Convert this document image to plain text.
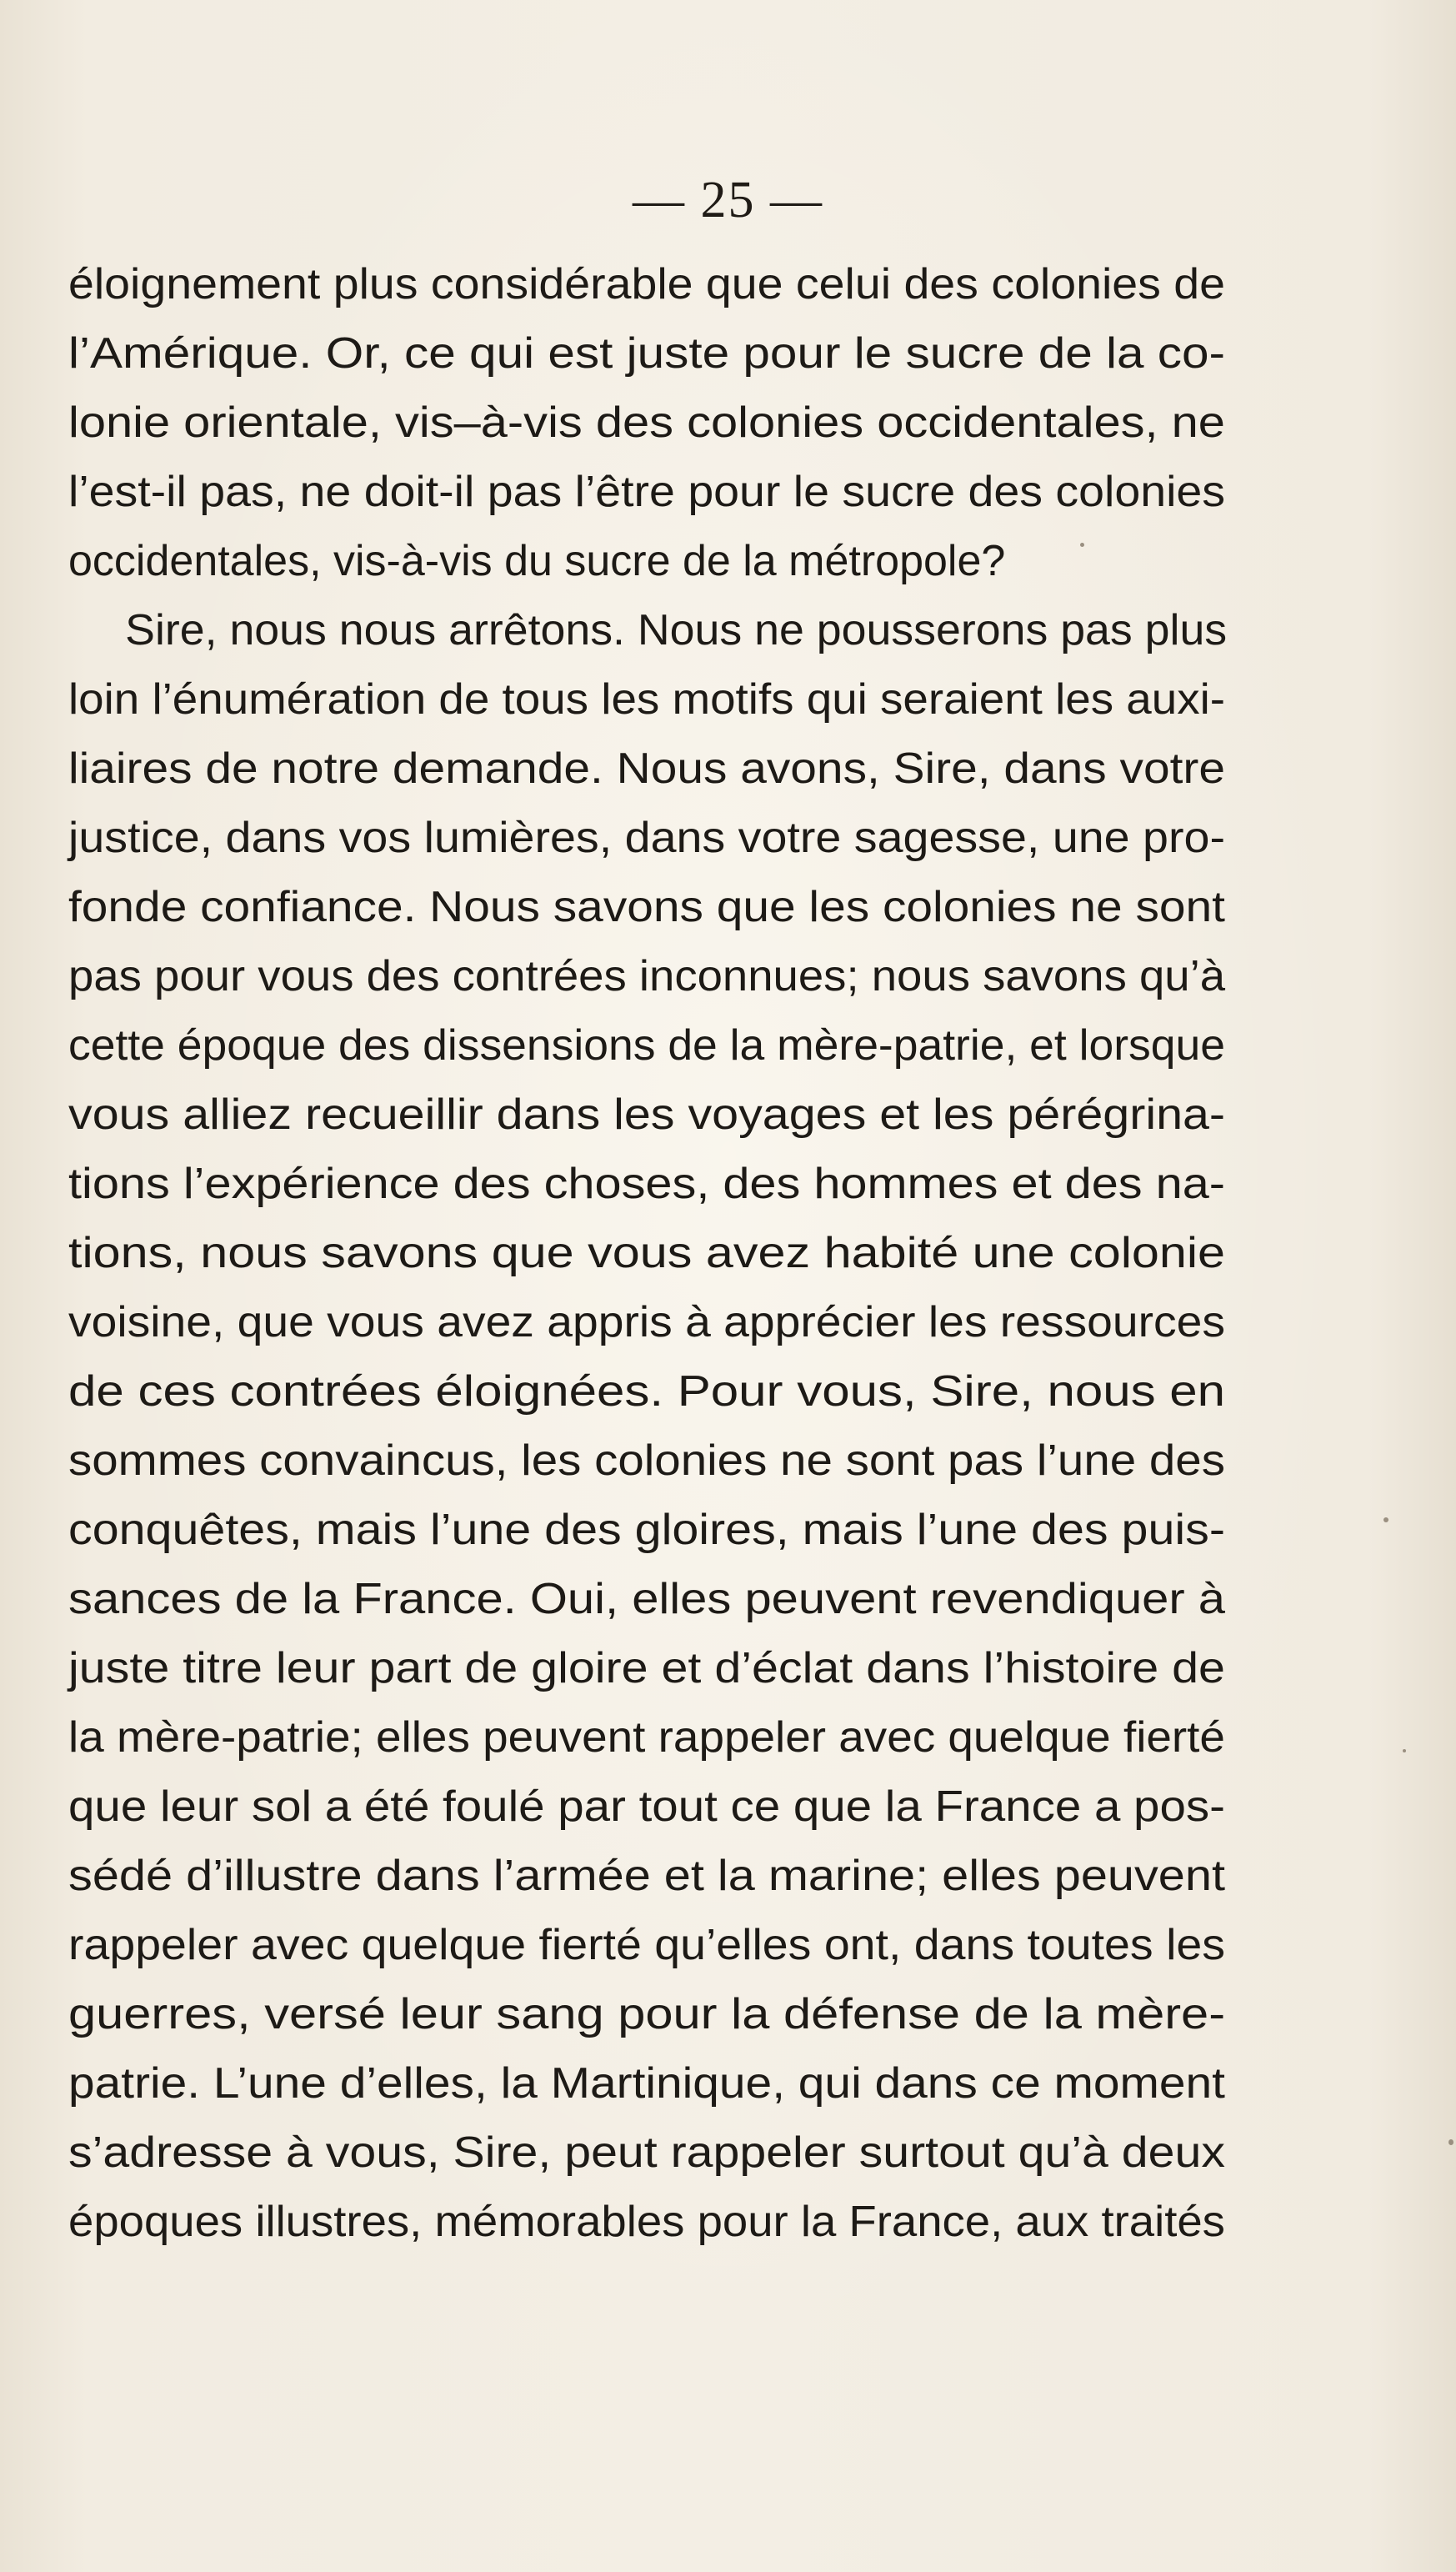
— 25 —
éloignement plus considérable que celui des colonies de
l’Amérique. Or, ce qui est juste pour le sucre de la co-
lonie orientale, vis–à-vis des colonies occidentales, ne
l’est-il pas, ne doit-il pas l’être pour le sucre des colonies
occidentales, vis-à-vis du sucre de la métropole?
Sire, nous nous arrêtons. Nous ne pousserons pas plus
loin l’énumération de tous les motifs qui seraient les auxi-
liaires de notre demande. Nous avons, Sire, dans votre
justice, dans vos lumières, dans votre sagesse, une pro-
fonde confiance. Nous savons que les colonies ne sont
pas pour vous des contrées inconnues; nous savons qu’à
cette époque des dissensions de la mère-patrie, et lorsque
vous alliez recueillir dans les voyages et les pérégrina-
tions l’expérience des choses, des hommes et des na-
tions, nous savons que vous avez habité une colonie
voisine, que vous avez appris à apprécier les ressources
de ces contrées éloignées. Pour vous, Sire, nous en
sommes convaincus, les colonies ne sont pas l’une des
conquêtes, mais l’une des gloires, mais l’une des puis-
sances de la France. Oui, elles peuvent revendiquer à
juste titre leur part de gloire et d’éclat dans l’histoire de
la mère-patrie; elles peuvent rappeler avec quelque fierté
que leur sol a été foulé par tout ce que la France a pos-
sédé d’illustre dans l’armée et la marine; elles peuvent
rappeler avec quelque fierté qu’elles ont, dans toutes les
guerres, versé leur sang pour la défense de la mère-
patrie. L’une d’elles, la Martinique, qui dans ce moment
s’adresse à vous, Sire, peut rappeler surtout qu’à deux
époques illustres, mémorables pour la France, aux traités
